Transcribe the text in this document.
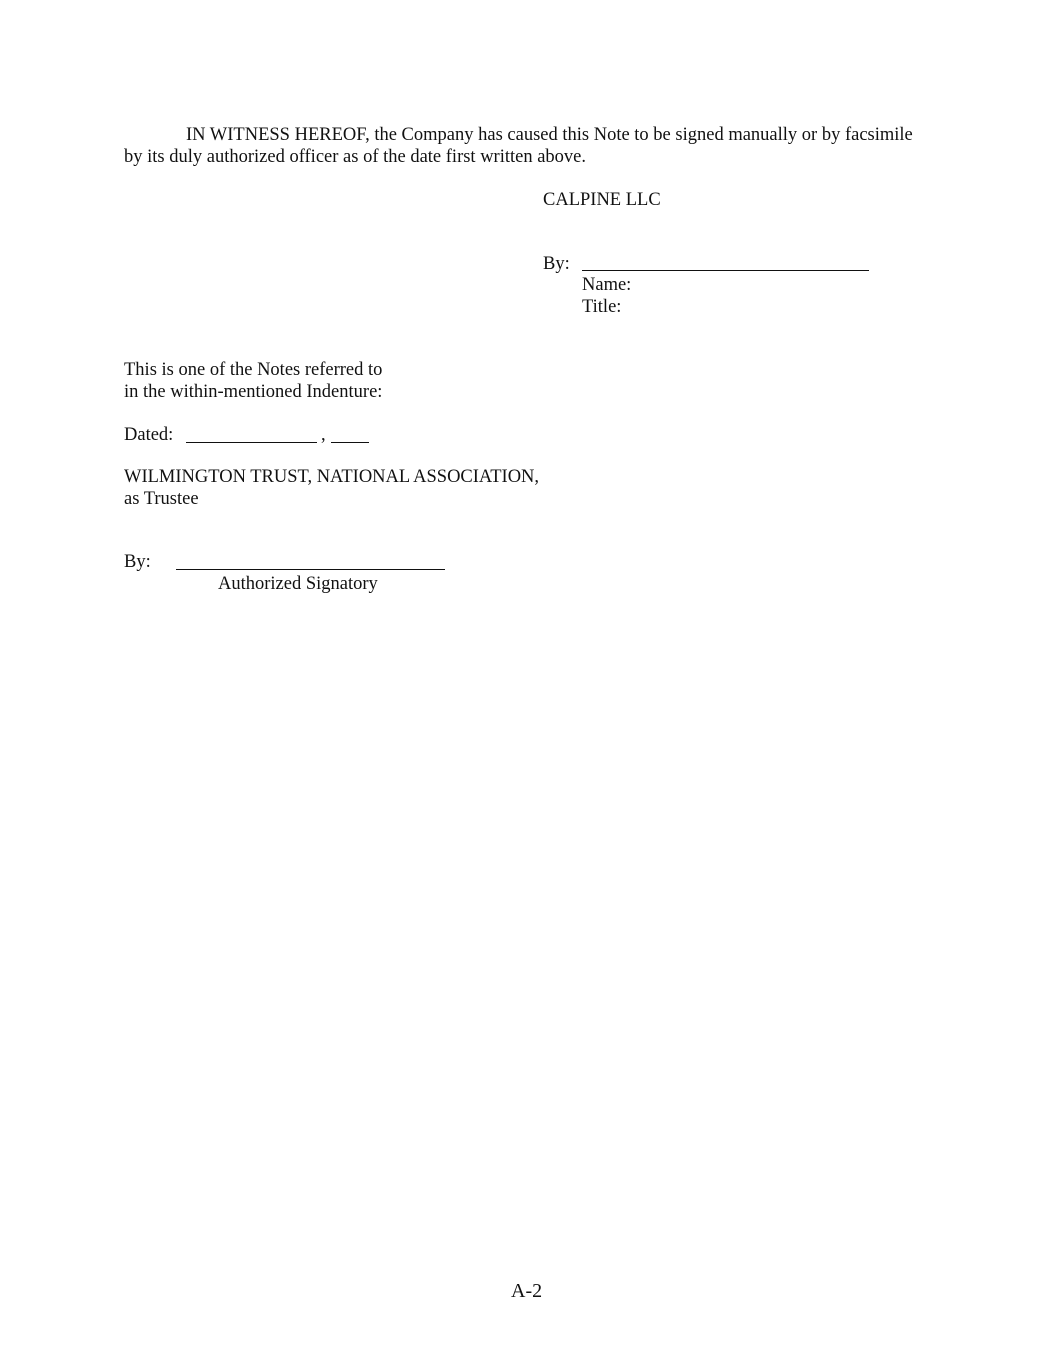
IN WITNESS HEREOF, the Company has caused this Note to be signed manually or by facsimile
by its duly authorized officer as of the date first written above.
CALPINE LLC
By:
Name:
Title:
This is one of the Notes referred to
in the within-mentioned Indenture:
Dated:	,
WILMINGTON TRUST, NATIONAL ASSOCIATION,
as Trustee
By:
Authorized Signatory
A-2
